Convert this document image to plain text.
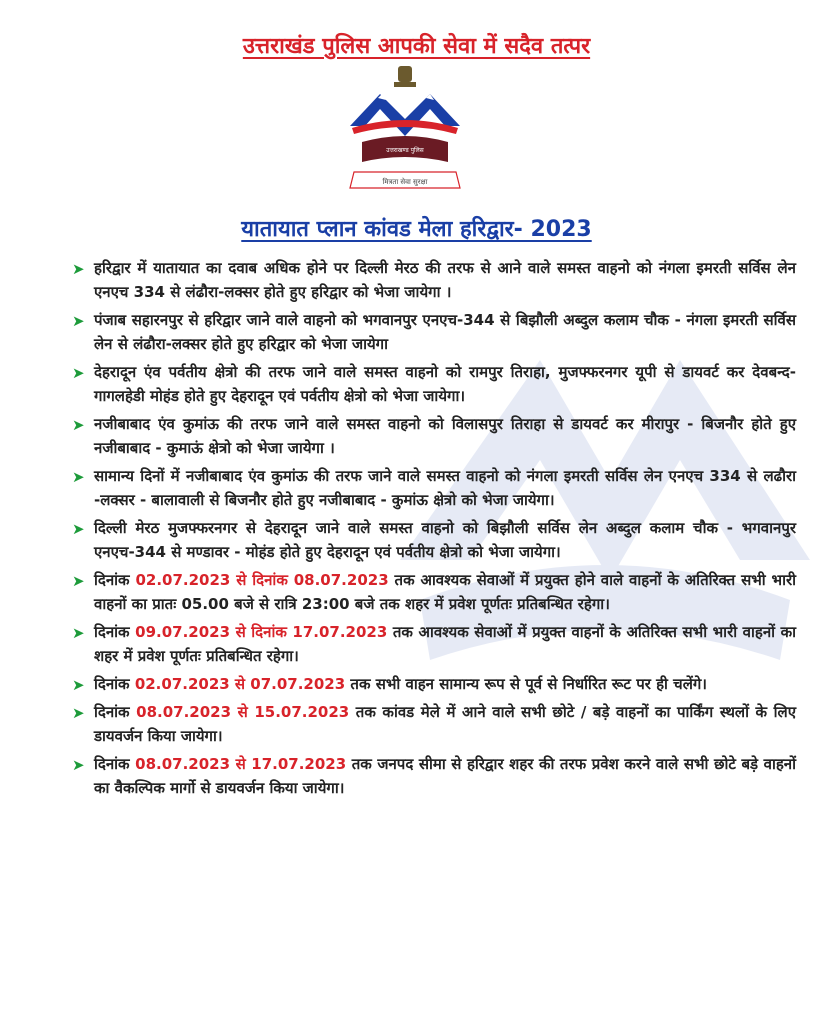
उत्तराखंड पुलिस आपकी सेवा में सदैव तत्पर
उत्तराखण्ड पुलिस
मित्रता सेवा सुरक्षा
यातायात प्लान कांवड मेला हरिद्वार- 2023
➤ हरिद्वार में यातायात का दवाब अधिक होने पर दिल्ली मेरठ की तरफ से आने वाले समस्त वाहनो को नंगला इमरती सर्विस लेन एनएच 334 से लंढौरा-लक्सर होते हुए हरिद्वार को भेजा जायेगा ।
➤ पंजाब सहारनपुर से हरिद्वार जाने वाले वाहनो को भगवानपुर एनएच-344 से बिझौली अब्दुल कलाम चौक - नंगला इमरती सर्विस लेन से लंढौरा-लक्सर होते हुए हरिद्वार को भेजा जायेगा
➤ देहरादून एंव पर्वतीय क्षेत्रो की तरफ जाने वाले समस्त वाहनो को रामपुर तिराहा, मुजफ्फरनगर यूपी से डायवर्ट कर देवबन्द- गागलहेडी मोहंड होते हुए देहरादून एवं पर्वतीय क्षेत्रो को भेजा जायेगा।
➤ नजीबाबाद एंव कुमांऊ की तरफ जाने वाले समस्त वाहनो को विलासपुर तिराहा से डायवर्ट कर मीरापुर - बिजनौर होते हुए नजीबाबाद - कुमाऊं क्षेत्रो को भेजा जायेगा ।
➤ सामान्य दिनों में नजीबाबाद एंव कुमांऊ की तरफ जाने वाले समस्त वाहनो को नंगला इमरती सर्विस लेन एनएच 334 से लढौरा -लक्सर - बालावाली से बिजनौर होते हुए नजीबाबाद - कुमांऊ क्षेत्रो को भेजा जायेगा।
➤ दिल्ली मेरठ मुजफ्फरनगर से देहरादून जाने वाले समस्त वाहनो को बिझौली सर्विस लेन अब्दुल कलाम चौक - भगवानपुर एनएच-344 से मण्डावर - मोहंड होते हुए देहरादून एवं पर्वतीय क्षेत्रो को भेजा जायेगा।
➤ दिनांक 02.07.2023 से दिनांक 08.07.2023 तक आवश्यक सेवाओं में प्रयुक्त होने वाले वाहनों के अतिरिक्त सभी भारी वाहनों का प्रातः 05.00 बजे से रात्रि 23:00 बजे तक शहर में प्रवेश पूर्णतः प्रतिबन्धित रहेगा।
➤ दिनांक 09.07.2023 से दिनांक 17.07.2023 तक आवश्यक सेवाओं में प्रयुक्त वाहनों के अतिरिक्त सभी भारी वाहनों का शहर में प्रवेश पूर्णतः प्रतिबन्धित रहेगा।
➤ दिनांक 02.07.2023 से 07.07.2023 तक सभी वाहन सामान्य रूप से पूर्व से निर्धारित रूट पर ही चलेंगे।
➤ दिनांक 08.07.2023 से 15.07.2023 तक कांवड मेले में आने वाले सभी छोटे / बड़े वाहनों का पार्किंग स्थलों के लिए डायवर्जन किया जायेगा।
➤ दिनांक 08.07.2023 से 17.07.2023 तक जनपद सीमा से हरिद्वार शहर की तरफ प्रवेश करने वाले सभी छोटे बड़े वाहनों का वैकल्पिक मार्गो से डायवर्जन किया जायेगा।
